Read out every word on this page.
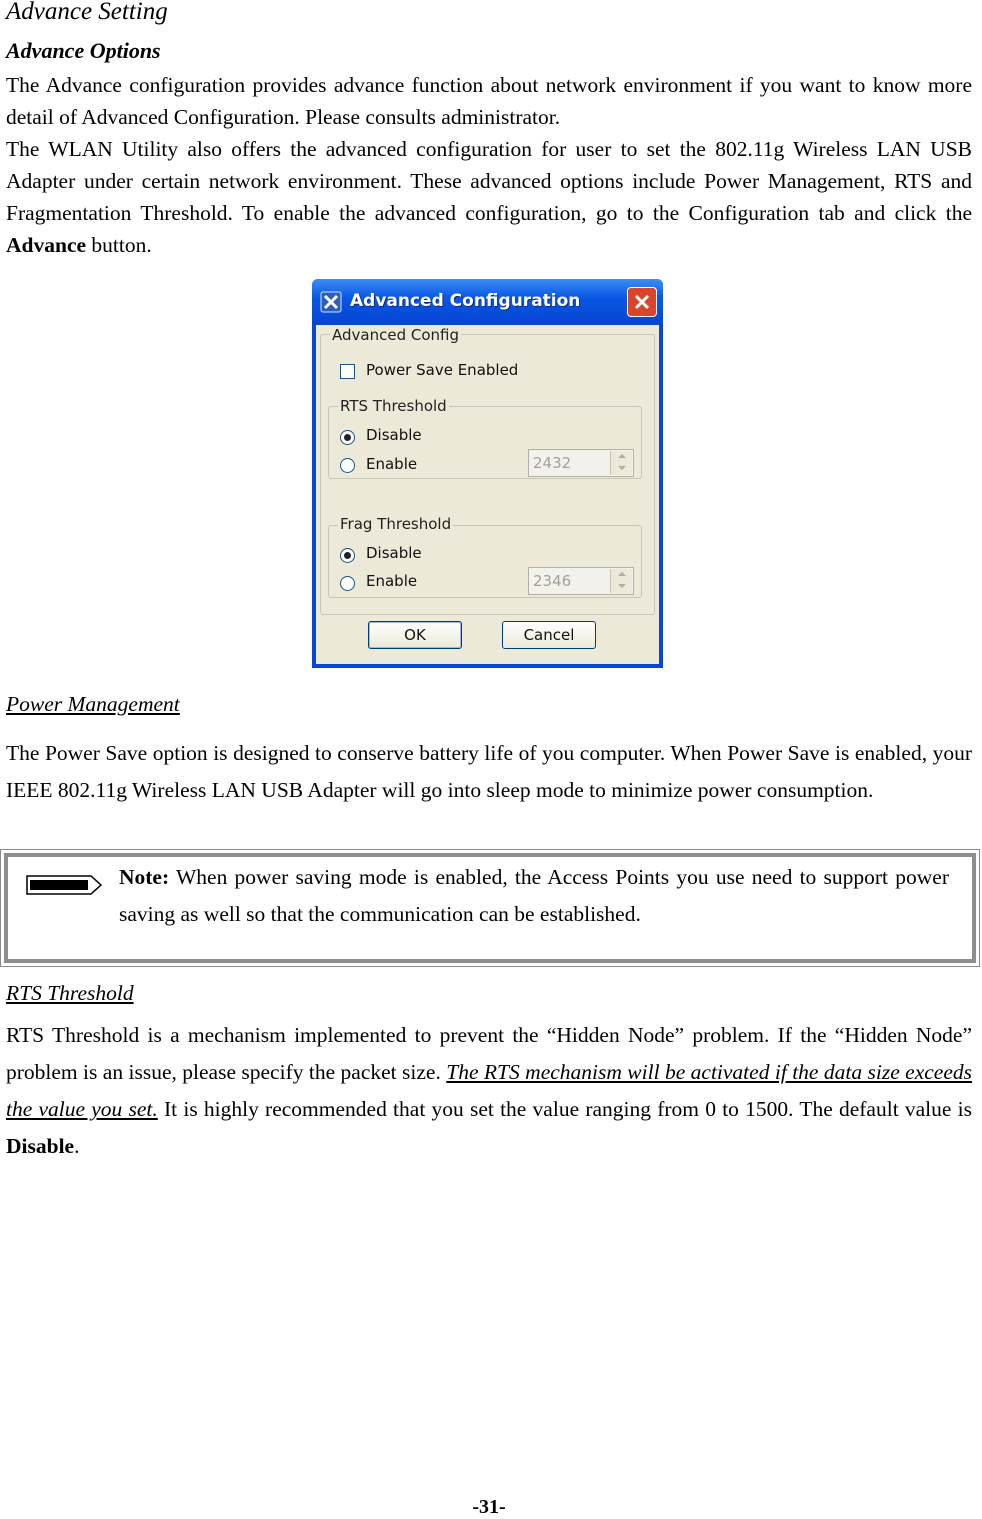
Advance Setting
Advance Options
The Advance configuration provides advance function about network environment if you want to know more detail of Advanced Configuration. Please consults administrator.
The WLAN Utility also offers the advanced configuration for user to set the 802.11g Wireless LAN USB Adapter under certain network environment. These advanced options include Power Management, RTS and Fragmentation Threshold. To enable the advanced configuration, go to the Configuration tab and click the Advance button.
Power Management
The Power Save option is designed to conserve battery life of you computer. When Power Save is enabled, your IEEE 802.11g Wireless LAN USB Adapter will go into sleep mode to minimize power consumption.
Note: When power saving mode is enabled, the Access Points you use need to support power saving as well so that the communication can be established.
RTS Threshold
RTS Threshold is a mechanism implemented to prevent the “Hidden Node” problem. If the “Hidden Node” problem is an issue, please specify the packet size. The RTS mechanism will be activated if the data size exceeds the value you set. It is highly recommended that you set the value ranging from 0 to 1500. The default value is Disable.
-31-
Advanced Configuration
Advanced Config
Power Save Enabled
RTS Threshold
Disable
Enable	2432
Frag Threshold
Disable
Enable	2346
OK	Cancel
